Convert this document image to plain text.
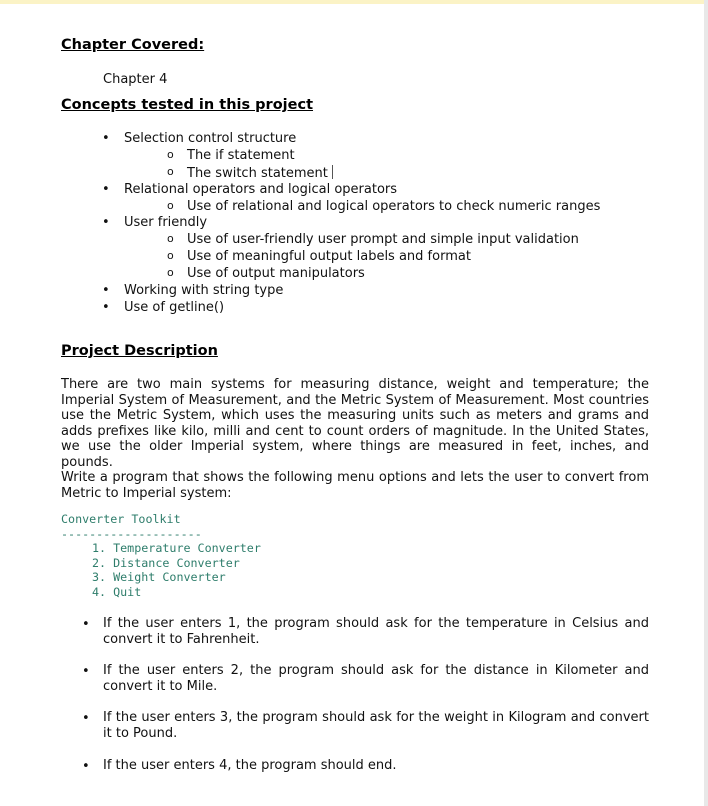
Chapter Covered:
Chapter 4
Concepts tested in this project
• Selection control structure
o The if statement
o The switch statement
• Relational operators and logical operators
o Use of relational and logical operators to check numeric ranges
• User friendly
o Use of user-friendly user prompt and simple input validation
o Use of meaningful output labels and format
o Use of output manipulators
• Working with string type
• Use of getline()
Project Description
There are two main systems for measuring distance, weight and temperature; the Imperial System of Measurement, and the Metric System of Measurement. Most countries use the Metric System, which uses the measuring units such as meters and grams and adds prefixes like kilo, milli and cent to count orders of magnitude. In the United States, we use the older Imperial system, where things are measured in feet, inches, and pounds.
Write a program that shows the following menu options and lets the user to convert from Metric to Imperial system:
Converter Toolkit
--------------------
1. Temperature Converter
2. Distance Converter
3. Weight Converter
4. Quit
• If the user enters 1, the program should ask for the temperature in Celsius and convert it to Fahrenheit.
• If the user enters 2, the program should ask for the distance in Kilometer and convert it to Mile.
• If the user enters 3, the program should ask for the weight in Kilogram and convert it to Pound.
• If the user enters 4, the program should end.
